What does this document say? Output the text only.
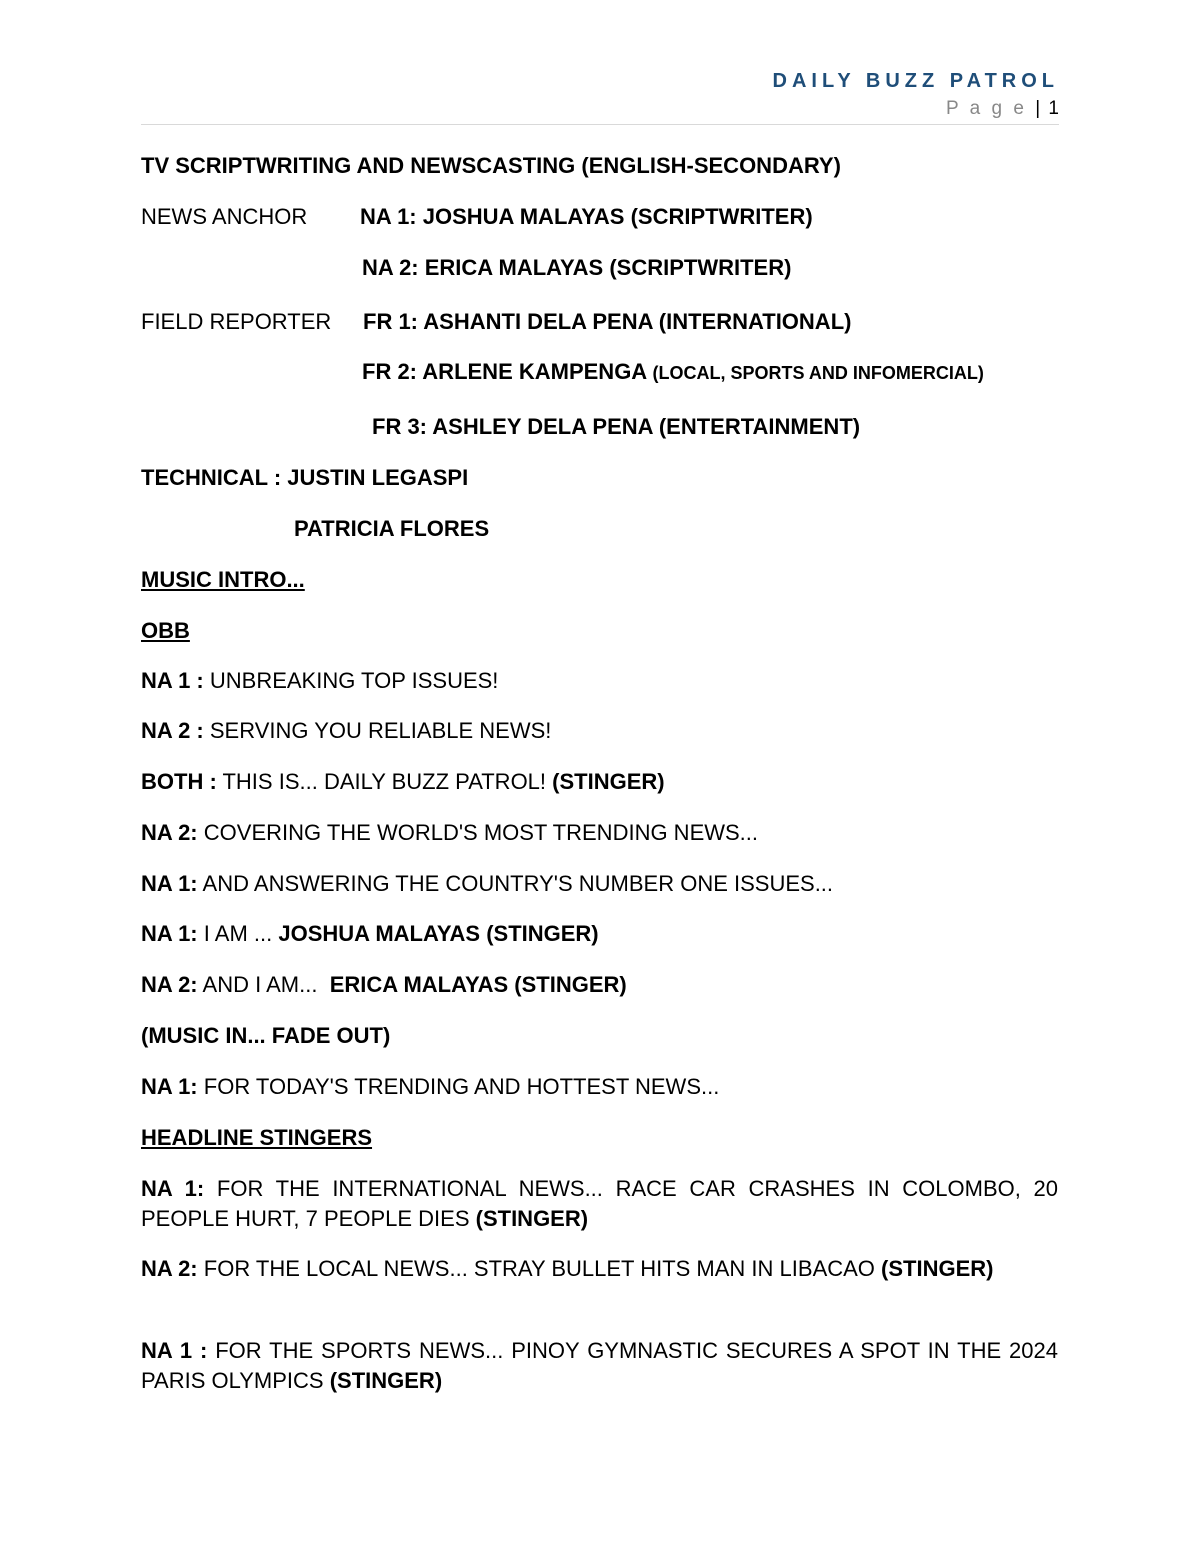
DAILY BUZZ PATROL
P a g e | 1
TV SCRIPTWRITING AND NEWSCASTING (ENGLISH-SECONDARY)
NEWS ANCHOR NA 1: JOSHUA MALAYAS (SCRIPTWRITER)
NA 2: ERICA MALAYAS (SCRIPTWRITER)
FIELD REPORTER FR 1: ASHANTI DELA PENA (INTERNATIONAL)
FR 2: ARLENE KAMPENGA (LOCAL, SPORTS AND INFOMERCIAL)
FR 3: ASHLEY DELA PENA (ENTERTAINMENT)
TECHNICAL : JUSTIN LEGASPI
PATRICIA FLORES
MUSIC INTRO...
OBB
NA 1 : UNBREAKING TOP ISSUES!
NA 2 : SERVING YOU RELIABLE NEWS!
BOTH : THIS IS... DAILY BUZZ PATROL! (STINGER)
NA 2: COVERING THE WORLD'S MOST TRENDING NEWS...
NA 1: AND ANSWERING THE COUNTRY'S NUMBER ONE ISSUES...
NA 1: I AM ... JOSHUA MALAYAS (STINGER)
NA 2: AND I AM... ERICA MALAYAS (STINGER)
(MUSIC IN... FADE OUT)
NA 1: FOR TODAY'S TRENDING AND HOTTEST NEWS...
HEADLINE STINGERS
NA 1: FOR THE INTERNATIONAL NEWS... RACE CAR CRASHES IN COLOMBO, 20 PEOPLE HURT, 7 PEOPLE DIES (STINGER)
NA 2: FOR THE LOCAL NEWS... STRAY BULLET HITS MAN IN LIBACAO (STINGER)
NA 1 : FOR THE SPORTS NEWS... PINOY GYMNASTIC SECURES A SPOT IN THE 2024 PARIS OLYMPICS (STINGER)
